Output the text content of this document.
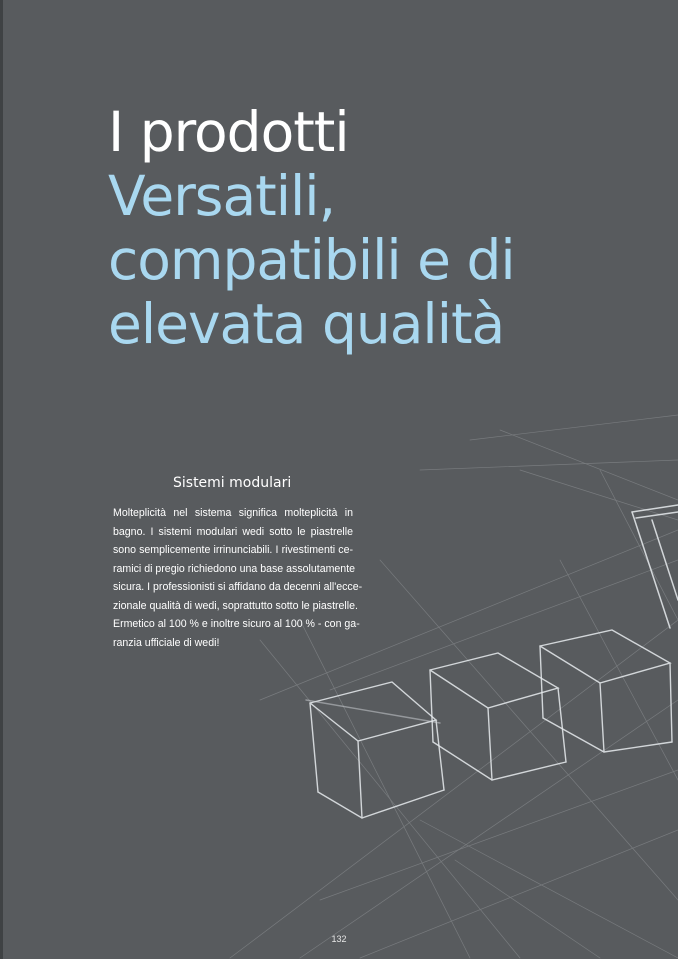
I prodotti
Versatili,
compatibili e di
elevata qualità
Sistemi modulari

Molteplicità nel sistema significa molteplicità in
bagno. I sistemi modulari wedi sotto le piastrelle
sono semplicemente irrinunciabili. I rivestimenti ce-
ramici di pregio richiedono una base assolutamente
sicura. I professionisti si affidano da decenni all'ecce-
zionale qualità di wedi, soprattutto sotto le piastrelle.
Ermetico al 100 % e inoltre sicuro al 100 % - con ga-
ranzia ufficiale di wedi!

132
